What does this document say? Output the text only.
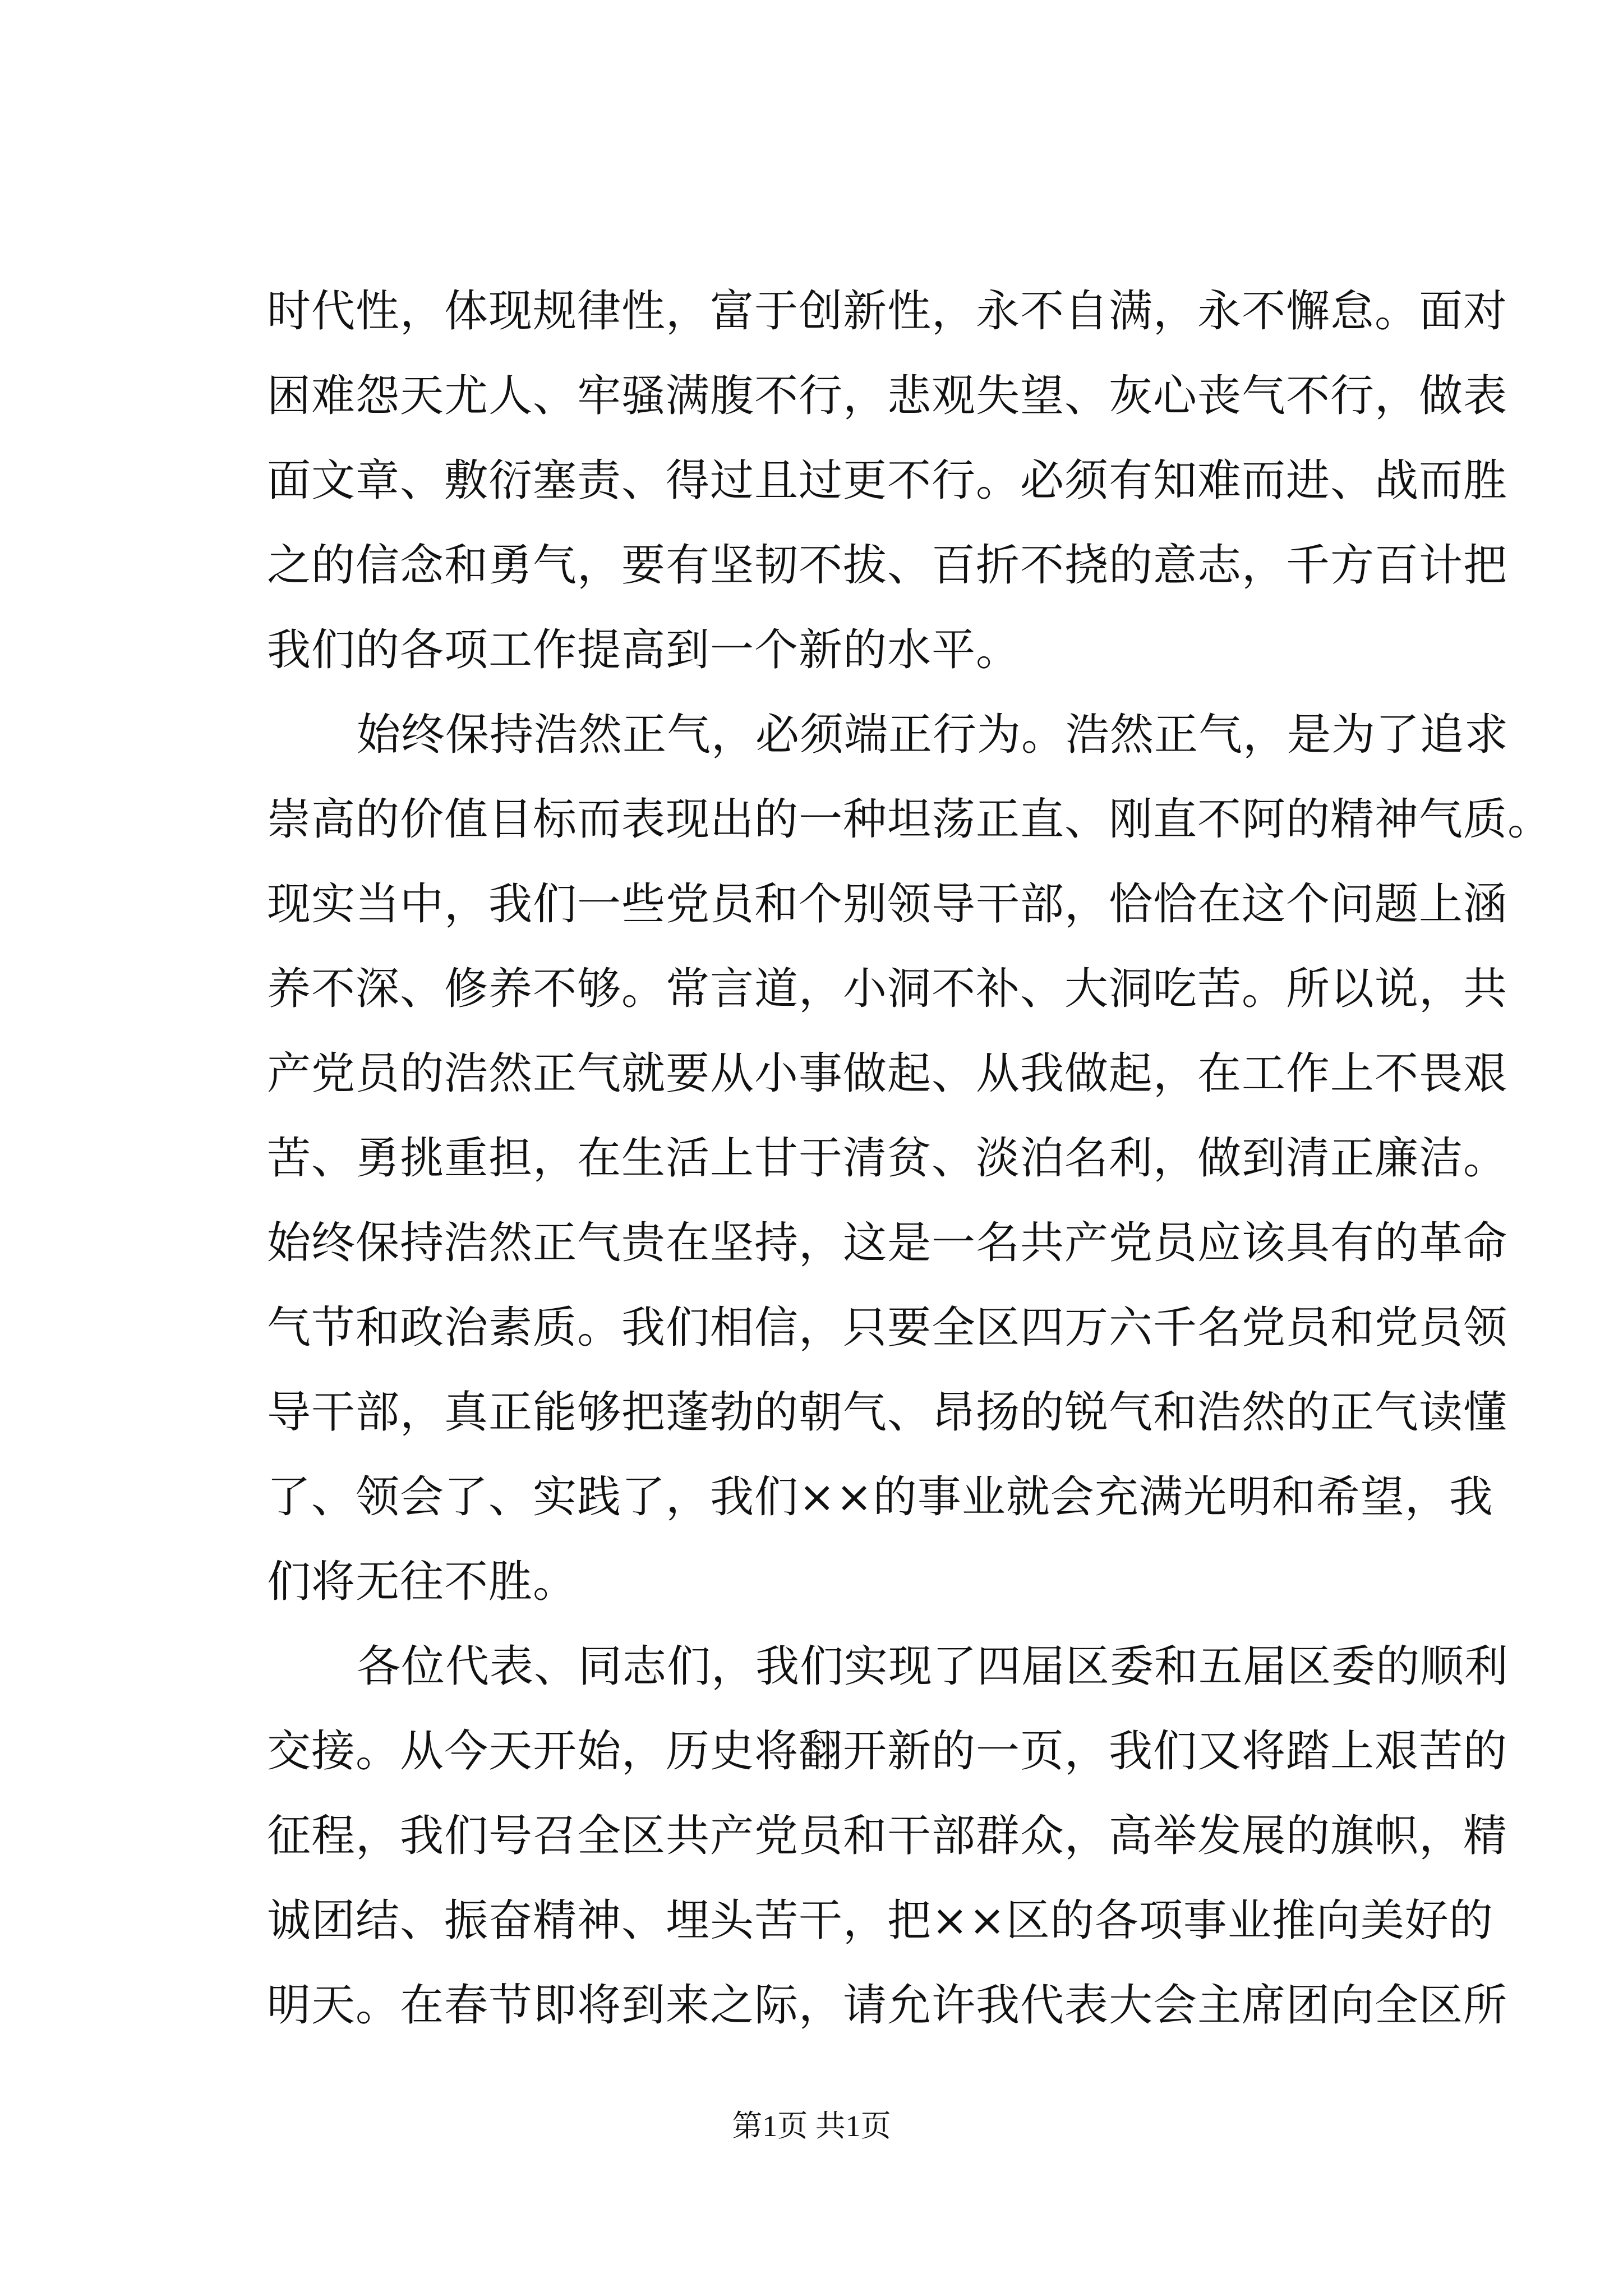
时代性，体现规律性，富于创新性，永不自满，永不懈怠。面对
困难怨天尤人、牢骚满腹不行，悲观失望、灰心丧气不行，做表
面文章、敷衍塞责、得过且过更不行。必须有知难而进、战而胜
之的信念和勇气，要有坚韧不拔、百折不挠的意志，千方百计把
我们的各项工作提高到一个新的水平。
始终保持浩然正气，必须端正行为。浩然正气，是为了追求
崇高的价值目标而表现出的一种坦荡正直、刚直不阿的精神气质。
现实当中，我们一些党员和个别领导干部，恰恰在这个问题上涵
养不深、修养不够。常言道，小洞不补、大洞吃苦。所以说，共
产党员的浩然正气就要从小事做起、从我做起，在工作上不畏艰
苦、勇挑重担，在生活上甘于清贫、淡泊名利，做到清正廉洁。
始终保持浩然正气贵在坚持，这是一名共产党员应该具有的革命
气节和政治素质。我们相信，只要全区四万六千名党员和党员领
导干部，真正能够把蓬勃的朝气、昂扬的锐气和浩然的正气读懂
了、领会了、实践了，我们××的事业就会充满光明和希望，我
们将无往不胜。
各位代表、同志们，我们实现了四届区委和五届区委的顺利
交接。从今天开始，历史将翻开新的一页，我们又将踏上艰苦的
征程，我们号召全区共产党员和干部群众，高举发展的旗帜，精
诚团结、振奋精神、埋头苦干，把××区的各项事业推向美好的
明天。在春节即将到来之际，请允许我代表大会主席团向全区所
第1页 共1页
